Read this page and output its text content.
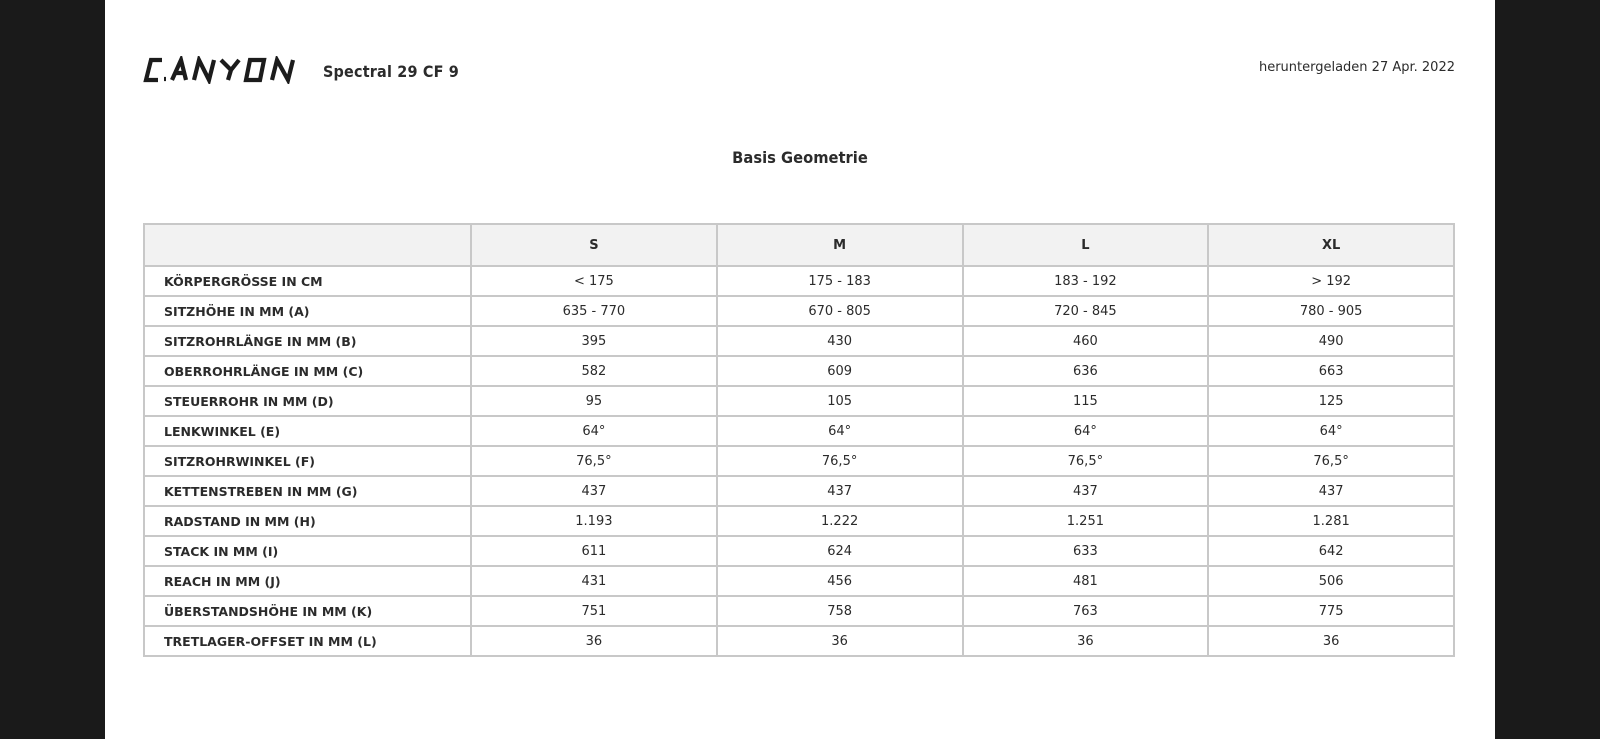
Spectral 29 CF 9	heruntergeladen 27 Apr. 2022
Basis Geometrie
	S	M	L	XL
KÖRPERGRÖSSE IN CM	< 175	175 - 183	183 - 192	> 192
SITZHÖHE IN MM (A)	635 - 770	670 - 805	720 - 845	780 - 905
SITZROHRLÄNGE IN MM (B)	395	430	460	490
OBERROHRLÄNGE IN MM (C)	582	609	636	663
STEUERROHR IN MM (D)	95	105	115	125
LENKWINKEL (E)	64°	64°	64°	64°
SITZROHRWINKEL (F)	76,5°	76,5°	76,5°	76,5°
KETTENSTREBEN IN MM (G)	437	437	437	437
RADSTAND IN MM (H)	1.193	1.222	1.251	1.281
STACK IN MM (I)	611	624	633	642
REACH IN MM (J)	431	456	481	506
ÜBERSTANDSHÖHE IN MM (K)	751	758	763	775
TRETLAGER-OFFSET IN MM (L)	36	36	36	36
